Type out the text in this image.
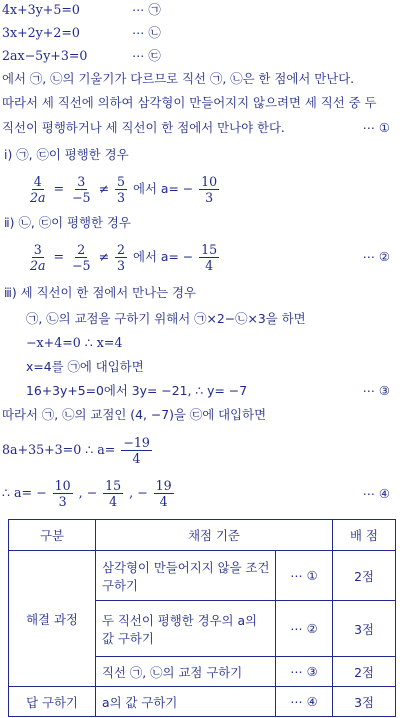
4x+3y+5=0	⋯ ㉠
3x+2y+2=0	⋯ ㉡
2ax−5y+3=0	⋯ ㉢
에서 ㉠, ㉡의 기울기가 다르므로 직선 ㉠, ㉡은 한 점에서 만난다.
따라서 세 직선에 의하여 삼각형이 만들어지지 않으려면 세 직선 중 두
직선이 평행하거나 세 직선이 한 점에서 만나야 한다.	⋯ ①
ⅰ) ㉠, ㉢이 평행한 경우
$\frac{4}{2a} = \frac{3}{-5} \ne \frac{5}{3}$ 에서 $a= - \frac{10}{3}$
ⅱ) ㉡, ㉢이 평행한 경우
$\frac{3}{2a} = \frac{2}{-5} \ne \frac{2}{3}$ 에서 $a= - \frac{15}{4}$	⋯ ②
ⅲ) 세 직선이 한 점에서 만나는 경우
㉠, ㉡의 교점을 구하기 위해서 ㉠×2−㉡×3을 하면
−x+4=0 ∴ x=4
x=4를 ㉠에 대입하면
16+3y+5=0에서 3y= −21, ∴ y= −7	⋯ ③
따라서 ㉠, ㉡의 교점인 (4, −7)을 ㉢에 대입하면
8a+35+3=0 ∴ $a= \frac{-19}{4}$
∴ $a= - \frac{10}{3}$ , − $\frac{15}{4}$ , − $\frac{19}{4}$	⋯ ④
구분	채점 기준		배 점
해결 과정	삼각형이 만들어지지 않을 조건 구하기	⋯ ①	2점
	두 직선이 평행한 경우의 a의 값 구하기	⋯ ②	3점
	직선 ㉠, ㉡의 교점 구하기	⋯ ③	2점
답 구하기	a의 값 구하기	⋯ ④	3점
